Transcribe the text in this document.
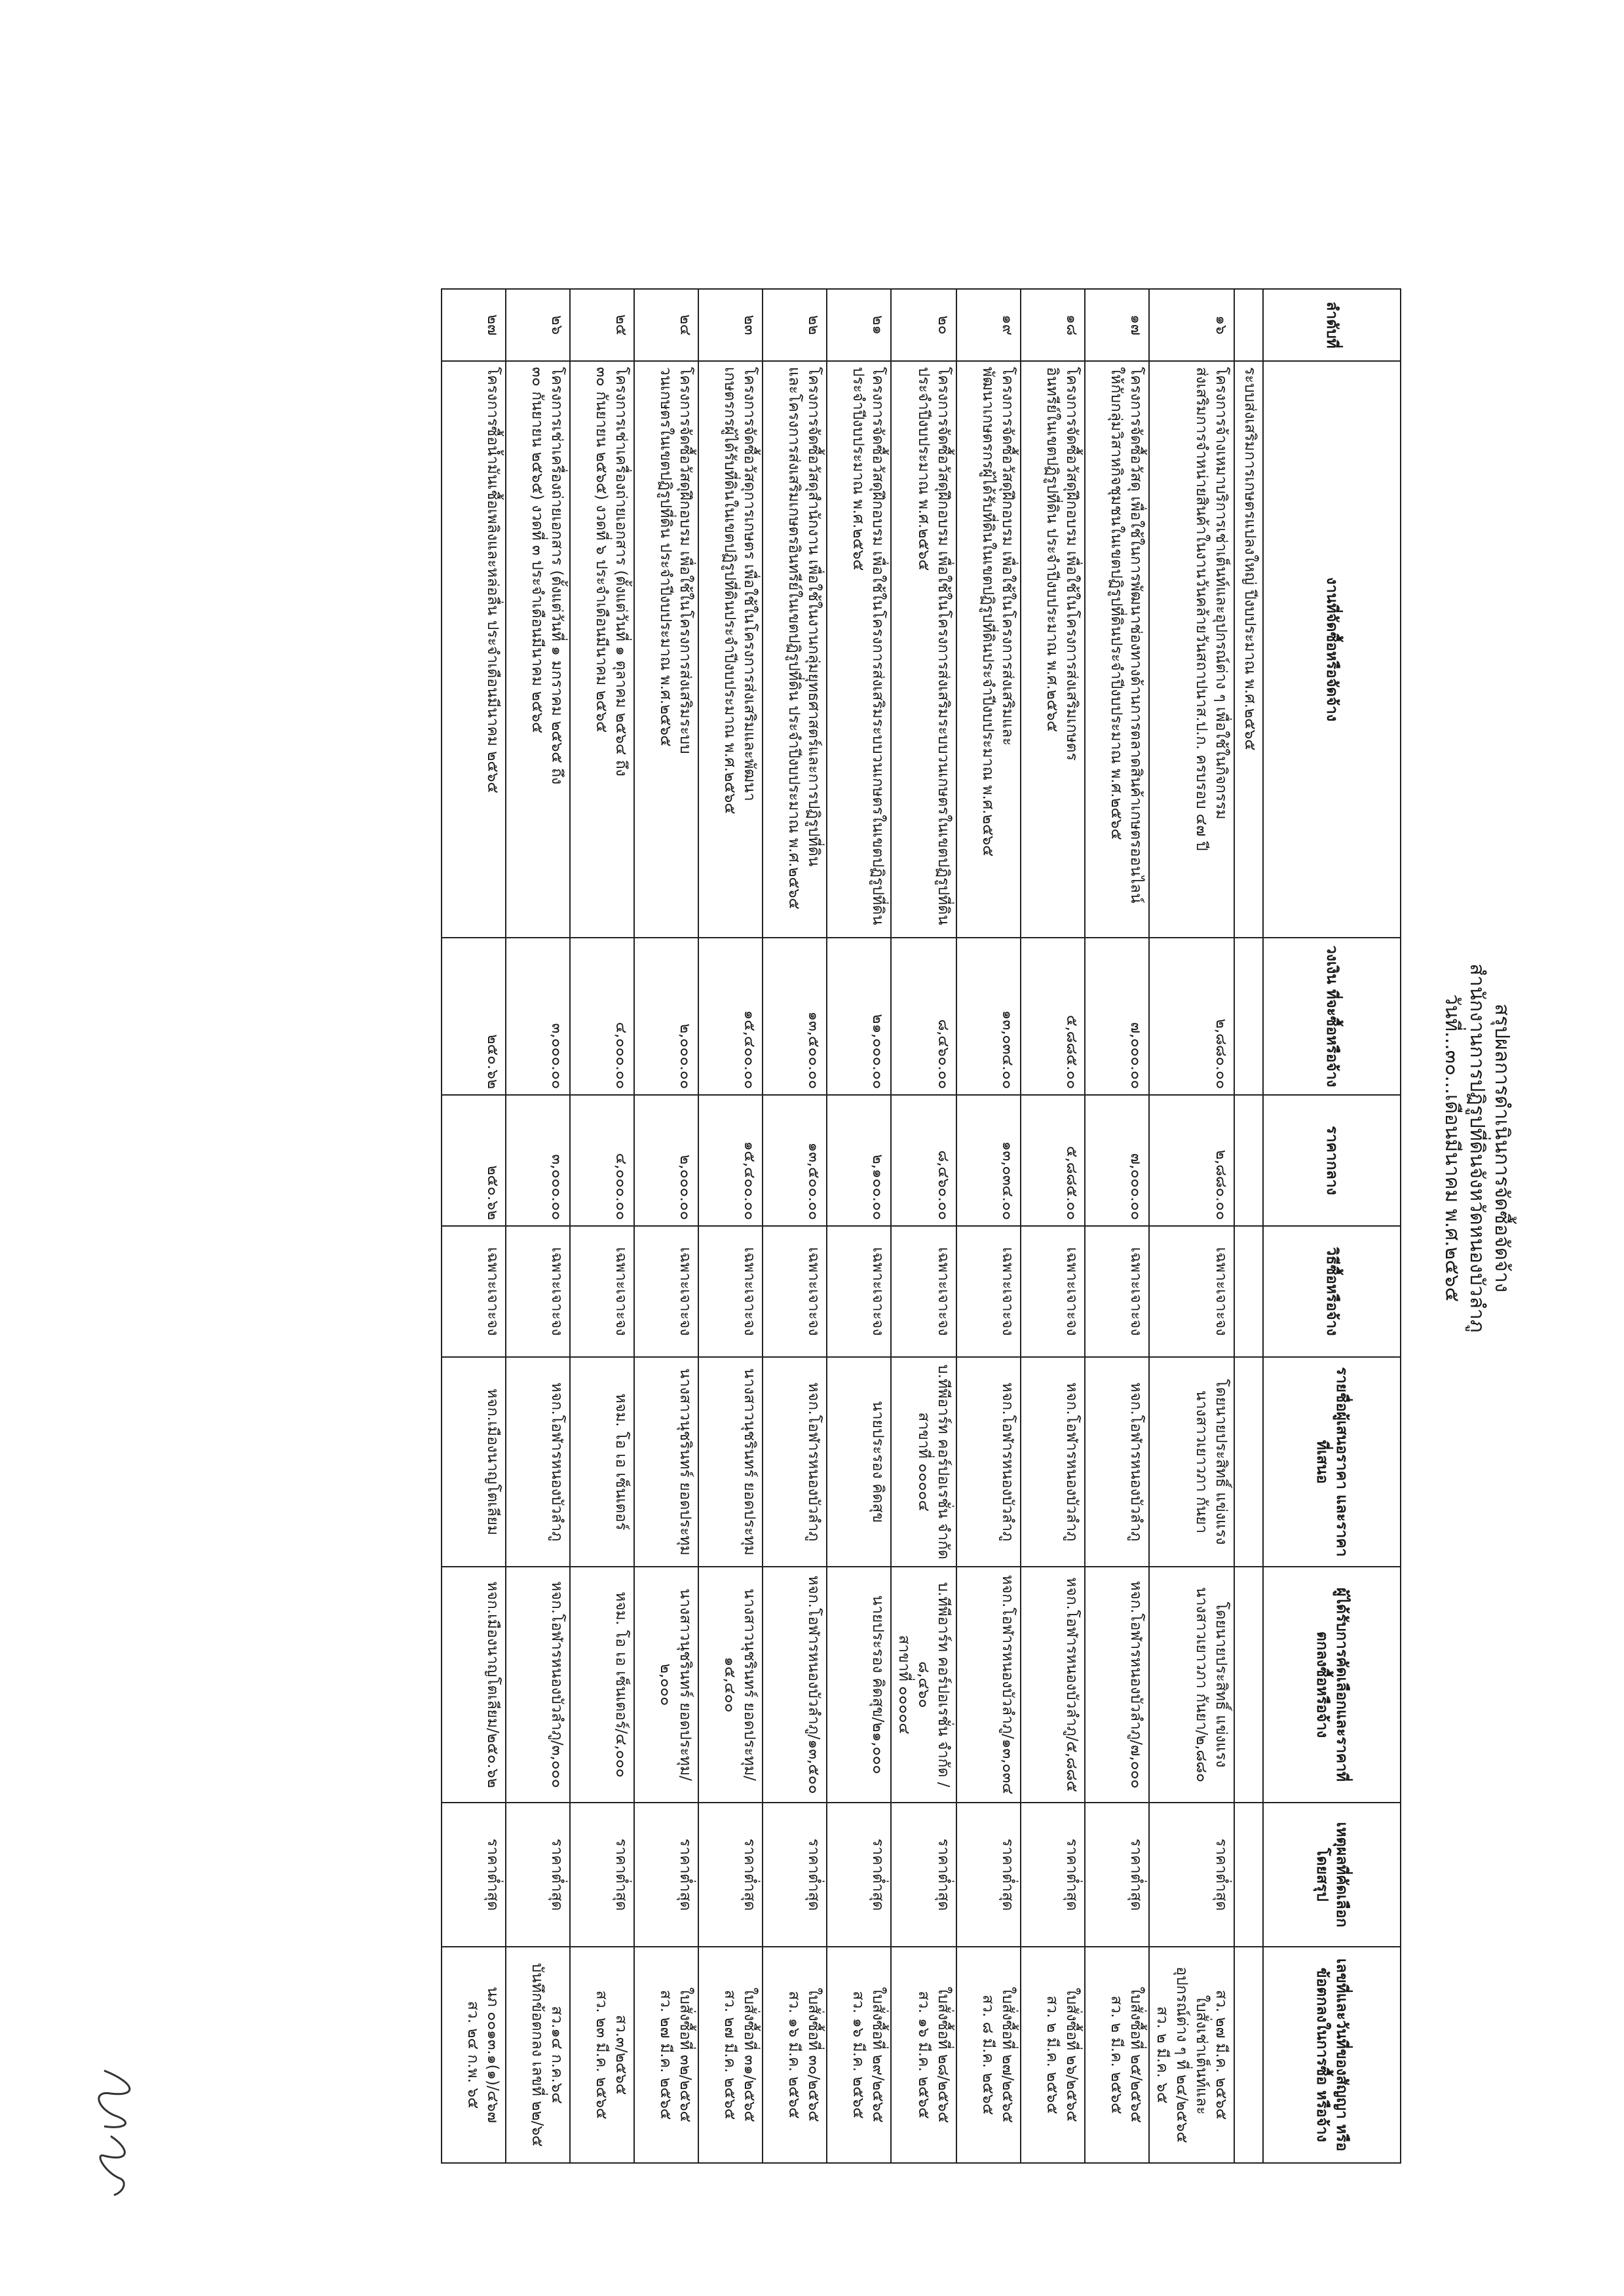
สรุปผลการดำเนินการจัดซื้อจัดจ้าง
สำนักงานการปฏิรูปที่ดินจังหวัดหนองบัวลำภู
วันที่...๓๐...เดือนมีนาคม พ.ศ.๒๕๖๕
ลำดับที่	งานที่จัดซื้อหรือจัดจ้าง	วงเงิน ที่จะซื้อหรือจ้าง	ราคากลาง	วิธีซื้อหรือจ้าง	รายชื่อผู้เสนอราคา และราคาที่เสนอ	ผู้ได้รับการคัดเลือกและราคาที่ ตกลงซื้อหรือจ้าง	เหตุผลที่คัดเลือก โดยสรุป	เลขที่และวันที่ของสัญญา หรือข้อตกลงในการซื้อ หรือจ้าง
	ระบบส่งเสริมการเกษตรแปลงใหญ่ ปีงบประมาณ พ.ศ.๒๕๖๕							
๑๖	โครงการจ้างเหมาบริการเช่าเต็นท์และอุปกรณ์ต่าง ๆ เพื่อใช้ในกิจกรรม
ส่งเสริมการจำหน่ายสินค้าในงานวันคล้ายวันสถาปนาส.ป.ก. ครบรอบ ๔๗ ปี	๒,๘๘๐.๐๐	๒,๘๘๐.๐๐	เฉพาะเจาะจง	โดยนายประสิทธิ์ แข่งแรง
นางสาวเยาวภา กันยา	โดยนายประสิทธิ์ แข่งแรง
นางสาวเยาวภา กันยา/๒,๘๘๐	ราคาต่ำสุด	สว. ๒๗ มี.ค. ๒๕๖๕
ใบสั่งเช่าเต็นท์และ
อุปกรณ์ต่าง ๆ ที่ ๒๔/๒๕๖๕
สว. ๒ มี.ค. ๖๕

๑๗	โครงการจัดซื้อวัสดุ เพื่อใช้ในการพัฒนาช่องทางด้านการตลาดสินค้าเกษตรออนไลน์
ให้กับกลุ่มวิสาหกิจชุมชนในเขตปฏิรูปที่ดินประจำปีงบประมาณ พ.ศ.๒๕๖๕	๗,๐๐๐.๐๐	๗,๐๐๐.๐๐	เฉพาะเจาะจง	หจก.โอฬารหนองบัวลำภู	หจก.โอฬารหนองบัวลำภู/๗,๐๐๐	ราคาต่ำสุด	ใบสั่งซื้อที่ ๒๕/๒๕๖๕
สว. ๒ มี.ค. ๒๕๖๕

๑๘	โครงการจัดซื้อวัสดุฝึกอบรม เพื่อใช้ในโครงการส่งเสริมเกษตร
อินทรีย์ในเขตปฏิรูปที่ดิน ประจำปีงบประมาณ พ.ศ.๒๕๖๕	๕,๘๘๕.๐๐	๕,๘๘๕.๐๐	เฉพาะเจาะจง	หจก.โอฬารหนองบัวลำภู	หจก.โอฬารหนองบัวลำภู/๕,๘๘๕	ราคาต่ำสุด	ใบสั่งซื้อที่ ๒๖/๒๕๖๕
สว. ๒ มี.ค. ๒๕๖๕

๑๙	โครงการจัดซื้อวัสดุฝึกอบรม เพื่อใช้ในโครงการส่งเสริมและ
พัฒนาเกษตรกรผู้ได้รับที่ดินในเขตปฏิรูปที่ดินประจำปีงบประมาณ พ.ศ.๒๕๖๕	๑๓,๐๓๔.๐๐	๑๓,๐๓๔.๐๐	เฉพาะเจาะจง	หจก.โอฬารหนองบัวลำภู	หจก.โอฬารหนองบัวลำภู/๑๓,๐๓๔	ราคาต่ำสุด	ใบสั่งซื้อที่ ๒๗/๒๕๖๕
สว. ๘ มี.ค. ๒๕๖๕

๒๐	โครงการจัดซื้อวัสดุฝึกอบรม เพื่อใช้ในโครงการส่งเสริมระบบวนเกษตรในเขตปฏิรูปที่ดิน
ประจำปีงบประมาณ พ.ศ.๒๕๖๕	๘,๔๖๐.๐๐	๘,๔๖๐.๐๐	เฉพาะเจาะจง	บ.ทีพีอาร์ท คอร์ปอเรชั่น จำกัด
สาขาที่ ๐๐๐๐๔	บ.ทีพีอาร์ท คอร์ปอเรชั่น จำกัด /๘,๔๖๐
สาขาที่ ๐๐๐๐๔	ราคาต่ำสุด	ใบสั่งซื้อที่ ๒๘/๒๕๖๕
สว. ๑๖ มี.ค. ๒๕๖๕

๒๑	โครงการจัดซื้อวัสดุฝึกอบรม เพื่อใช้ในโครงการส่งเสริมระบบวนเกษตรในเขตปฏิรูปที่ดิน
ประจำปีงบประมาณ พ.ศ.๒๕๖๕	๒๑,๐๐๐.๐๐	๒,๑๐๐.๐๐	เฉพาะเจาะจง	นายประรอง คิดสุข	นายประรอง คิดสุข/๒๑,๐๐๐	ราคาต่ำสุด	ใบสั่งซื้อที่ ๒๙/๒๕๖๕
สว. ๑๖ มี.ค. ๒๕๖๕

๒๒	โครงการจัดซื้อวัสดุสำนักงาน เพื่อใช้ในงานกลุ่มยุทธศาสตร์และการปฏิรูปที่ดิน
และโครงการส่งเสริมเกษตรอินทรีย์ในเขตปฏิรูปที่ดิน ประจำปีงบประมาณ พ.ศ.๒๕๖๕	๑๓,๕๐๐.๐๐	๑๓,๕๐๐.๐๐	เฉพาะเจาะจง	หจก.โอฬารหนองบัวลำภู	หจก.โอฬารหนองบัวลำภู/๑๓,๕๐๐	ราคาต่ำสุด	ใบสั่งซื้อที่ ๓๐/๒๕๖๕
สว. ๑๖ มี.ค. ๒๕๖๕

๒๓	โครงการจัดซื้อวัสดุการเกษตร เพื่อใช้ในโครงการส่งเสริมและพัฒนา
เกษตรกรผู้ได้รับที่ดินในเขตปฏิรูปที่ดินประจำปีงบประมาณ พ.ศ.๒๕๖๕	๑๕,๔๐๐.๐๐	๑๕,๔๐๐.๐๐	เฉพาะเจาะจง	นางสาวนุชรินทร์ ยอดประทุม	นางสาวนุชรินทร์ ยอดประทุม/๑๕,๔๐๐	ราคาต่ำสุด	ใบสั่งซื้อที่ ๓๑/๒๕๖๕
สว. ๒๗ มี.ค. ๒๕๖๕

๒๔	โครงการจัดซื้อวัสดุฝึกอบรม เพื่อใช้ในโครงการส่งเสริมระบบ
วนเกษตรในเขตปฏิรูปที่ดิน ประจำปีงบประมาณ พ.ศ.๒๕๖๕	๒,๐๐๐.๐๐	๒,๐๐๐.๐๐	เฉพาะเจาะจง	นางสาวนุชรินทร์ ยอดประทุม	นางสาวนุชรินทร์ ยอดประทุม/๒,๐๐๐	ราคาต่ำสุด	ใบสั่งซื้อที่ ๓๒/๒๕๖๕
สว. ๒๗ มี.ค. ๒๕๖๕

๒๕	โครงการเช่าเครื่องถ่ายเอกสาร (ตั้งแต่วันที่ ๑ ตุลาคม ๒๕๖๔ ถึง
๓๐ กันยายน ๒๕๖๕) งวดที่ ๖ ประจำเดือนมีนาคม ๒๕๖๕	๔,๐๐๐.๐๐	๔,๐๐๐.๐๐	เฉพาะเจาะจง	หจม. โอ เอ เซ็นเตอร์	หจม. โอ เอ เซ็นเตอร์/๔,๐๐๐	ราคาต่ำสุด	สว.๓/๒๕๖๕
สว. ๒๓ มี.ค. ๒๕๖๕

๒๖	โครงการเช่าเครื่องถ่ายเอกสาร (ตั้งแต่วันที่ ๑ มกราคม ๒๕๖๕ ถึง
๓๐ กันยายน ๒๕๖๕) งวดที่ ๓ ประจำเดือนมีนาคม ๒๕๖๕	๓,๐๐๐.๐๐	๓,๐๐๐.๐๐	เฉพาะเจาะจง	หจก.โอฬารหนองบัวลำภู	หจก.โอฬารหนองบัวลำภู/๓,๐๐๐	ราคาต่ำสุด	สว.๑๔ ก.ค.๖๔
บันทึกข้อตกลง เลขที่ ๒๒/๖๕

๒๗	โครงการซื้อน้ำมันเชื้อเพลิงและหล่อลื่น ประจำเดือนมีนาคม ๒๕๖๕	๒๕๐.๖๒	๒๕๐.๖๒	เฉพาะเจาะจง	หจก.เมืองนาญโตเลียม	หจก.เมืองนาญโตเลียม/๒๕๐.๖๒	ราคาต่ำสุด	นภ ๐๐๑๓.๑(๑)/๔๖๗
สว. ๒๔ ก.พ. ๖๕
